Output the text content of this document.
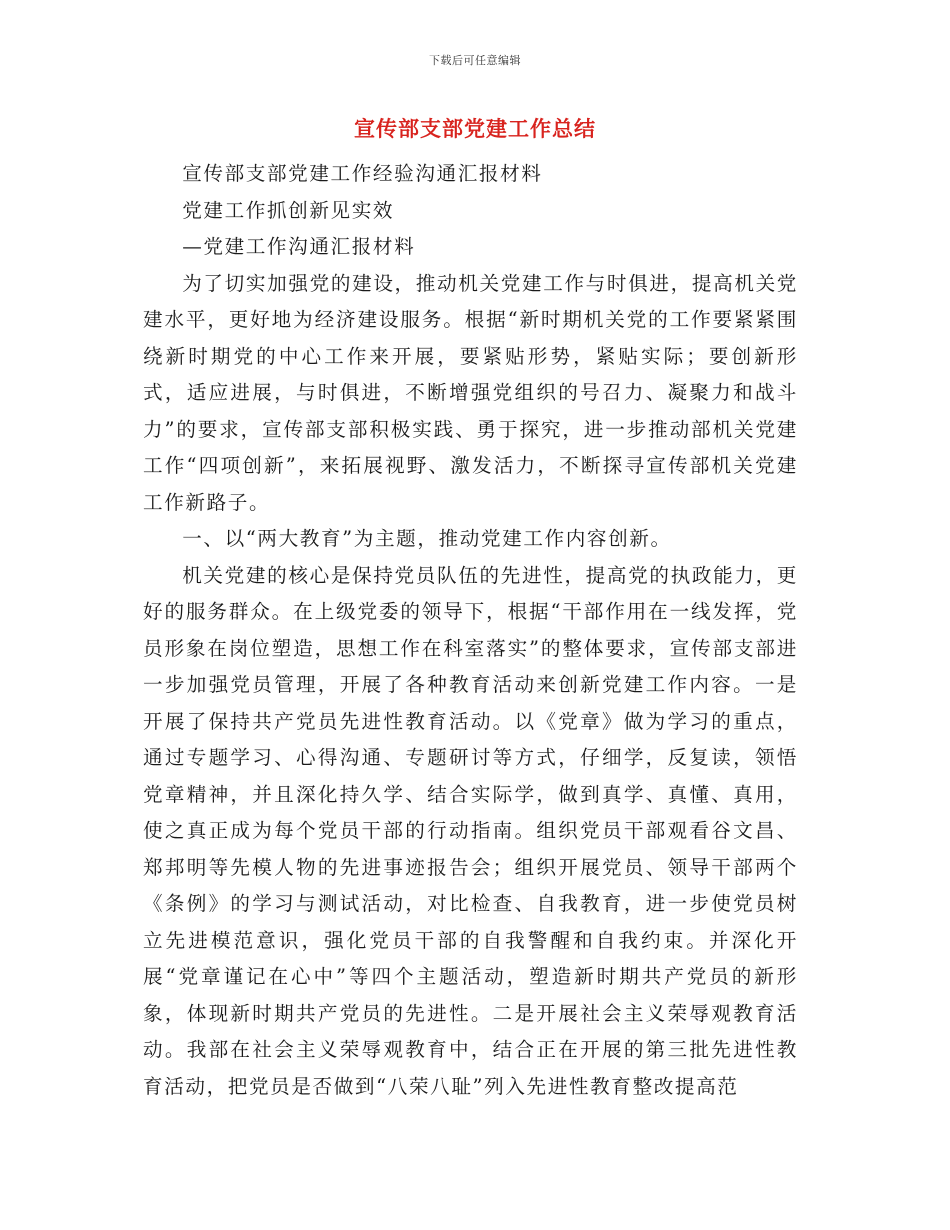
下载后可任意编辑
宣传部支部党建工作总结

宣传部支部党建工作经验沟通汇报材料

党建工作抓创新见实效

—党建工作沟通汇报材料

为了切实加强党的建设，推动机关党建工作与时俱进，提高机关党建水平，更好地为经济建设服务。根据“新时期机关党的工作要紧紧围绕新时期党的中心工作来开展，要紧贴形势，紧贴实际；要创新形式，适应进展，与时俱进，不断增强党组织的号召力、凝聚力和战斗力”的要求，宣传部支部积极实践、勇于探究，进一步推动部机关党建工作“四项创新”，来拓展视野、激发活力，不断探寻宣传部机关党建工作新路子。

一、以“两大教育”为主题，推动党建工作内容创新。

机关党建的核心是保持党员队伍的先进性，提高党的执政能力，更好的服务群众。在上级党委的领导下，根据“干部作用在一线发挥，党员形象在岗位塑造，思想工作在科室落实”的整体要求，宣传部支部进一步加强党员管理，开展了各种教育活动来创新党建工作内容。一是开展了保持共产党员先进性教育活动。以《党章》做为学习的重点，通过专题学习、心得沟通、专题研讨等方式，仔细学，反复读，领悟党章精神，并且深化持久学、结合实际学，做到真学、真懂、真用，使之真正成为每个党员干部的行动指南。组织党员干部观看谷文昌、郑邦明等先模人物的先进事迹报告会；组织开展党员、领导干部两个《条例》的学习与测试活动，对比检查、自我教育，进一步使党员树立先进模范意识，强化党员干部的自我警醒和自我约束。并深化开展“党章谨记在心中”等四个主题活动，塑造新时期共产党员的新形象，体现新时期共产党员的先进性。二是开展社会主义荣辱观教育活动。我部在社会主义荣辱观教育中，结合正在开展的第三批先进性教育活动，把党员是否做到“八荣八耻”列入先进性教育整改提高范
